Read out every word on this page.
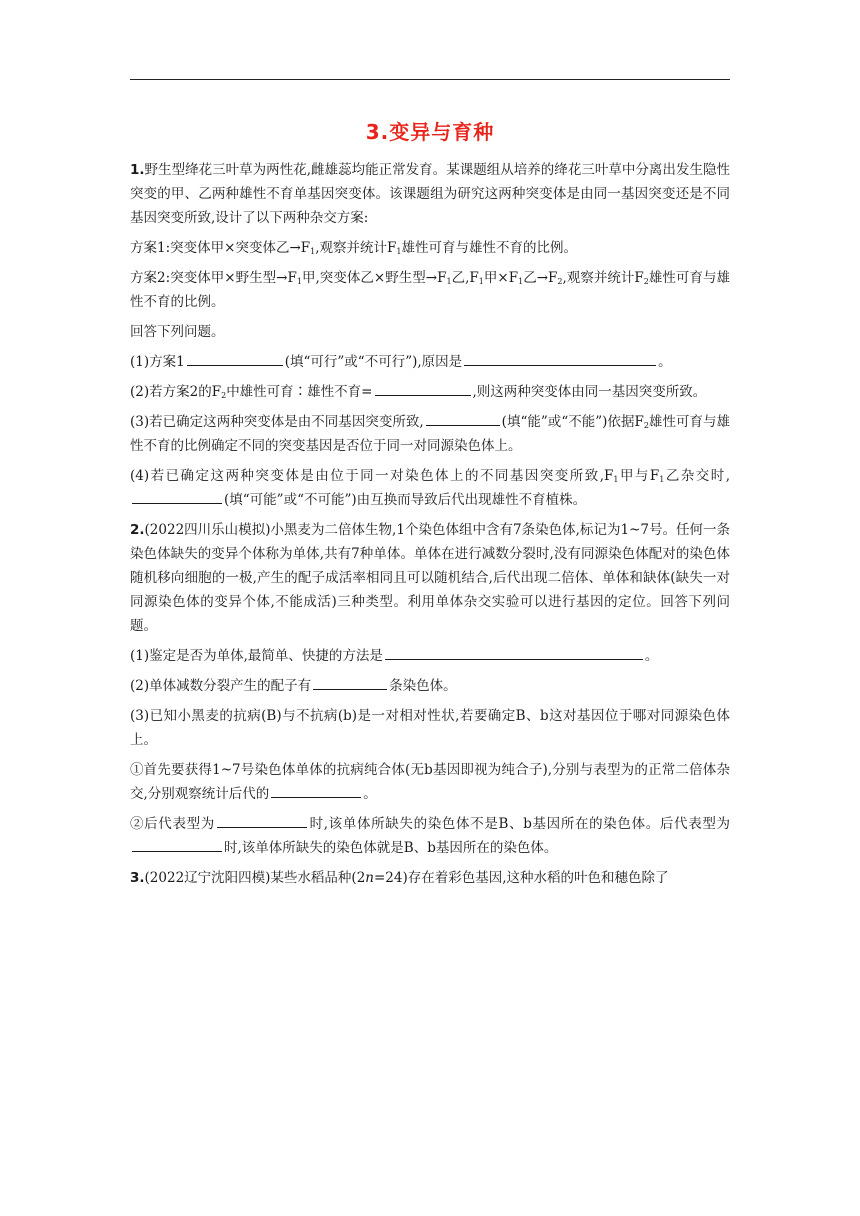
3.变异与育种

1.野生型绛花三叶草为两性花,雌雄蕊均能正常发育。某课题组从培养的绛花三叶草中分离出发生隐性突变的甲、乙两种雄性不育单基因突变体。该课题组为研究这两种突变体是由同一基因突变还是不同基因突变所致,设计了以下两种杂交方案:

方案1:突变体甲×突变体乙$\to F_1$,观察并统计$F_1$雄性可育与雄性不育的比例。

方案2:突变体甲×野生型$\to F_1$甲,突变体乙×野生型$\to F_1$乙$,F_1$甲$\times F_1$乙$\to F_2$,观察并统计$F_2$雄性可育与雄性不育的比例。

回答下列问题。

(1)方案1	(填“可行”或“不可行”),原因是	。

(2)若方案2的$F_2$中雄性可育∶雄性不育=	,则这两种突变体由同一基因突变所致。

(3)若已确定这两种突变体是由不同基因突变所致,	(填“能”或“不能”)依据$F_2$雄性可育与雄性不育的比例确定不同的突变基因是否位于同一对同源染色体上。

(4)若已确定这两种突变体是由位于同一对染色体上的不同基因突变所致$,F_1$甲与$F_1$乙杂交时,(填“可能”或“不可能”)由互换而导致后代出现雄性不育植株。

2.(2022四川乐山模拟)小黑麦为二倍体生物,1个染色体组中含有7条染色体,标记为1~7号。任何一条染色体缺失的变异个体称为单体,共有7种单体。单体在进行减数分裂时,没有同源染色体配对的染色体随机移向细胞的一极,产生的配子成活率相同且可以随机结合,后代出现二倍体、单体和缺体(缺失一对同源染色体的变异个体,不能成活)三种类型。利用单体杂交实验可以进行基因的定位。回答下列问题。

(1)鉴定是否为单体,最简单、快捷的方法是	。

(2)单体减数分裂产生的配子有	条染色体。

(3)已知小黑麦的抗病(B)与不抗病(b)是一对相对性状,若要确定B、b这对基因位于哪对同源染色体上。

①首先要获得1~7号染色体单体的抗病纯合体(无b基因即视为纯合子),分别与表型为的正常二倍体杂交,分别观察统计后代的	。

②后代表型为	时,该单体所缺失的染色体不是B、b基因所在的染色体。后代表型为时,该单体所缺失的染色体就是B、b基因所在的染色体。

3.(2022辽宁沈阳四模)某些水稻品种(2n=24)存在着彩色基因,这种水稻的叶色和穗色除了
